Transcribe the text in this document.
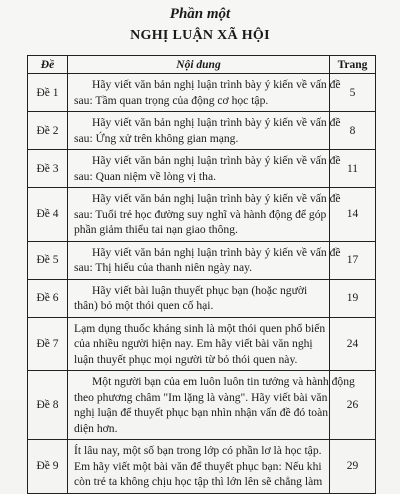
Phần một
NGHỊ LUẬN XÃ HỘI
Đề	Nội dung	Trang
Đề 1	Hãy viết văn bản nghị luận trình bày ý kiến về vấn đề
sau: Tầm quan trọng của động cơ học tập.	5
Đề 2	Hãy viết văn bản nghị luận trình bày ý kiến về vấn đề
sau: Ứng xử trên không gian mạng.	8
Đề 3	Hãy viết văn bản nghị luận trình bày ý kiến về vấn đề
sau: Quan niệm về lòng vị tha.	11
Đề 4	Hãy viết văn bản nghị luận trình bày ý kiến về vấn đề
sau: Tuổi trẻ học đường suy nghĩ và hành động để góp
phần giảm thiểu tai nạn giao thông.	14
Đề 5	Hãy viết văn bản nghị luận trình bày ý kiến về vấn đề
sau: Thị hiếu của thanh niên ngày nay.	17
Đề 6	Hãy viết bài luận thuyết phục bạn (hoặc người
thân) bỏ một thói quen cố hại.	19
Đề 7	Lạm dụng thuốc kháng sinh là một thói quen phổ biến
của nhiều người hiện nay. Em hãy viết bài văn nghị
luận thuyết phục mọi người từ bỏ thói quen này.	24
Đề 8	Một người bạn của em luôn luôn tin tưởng và hành động
theo phương châm "Im lặng là vàng". Hãy viết bài văn
nghị luận để thuyết phục bạn nhìn nhận vấn đề đó toàn
diện hơn.	26
Đề 9	Ít lâu nay, một số bạn trong lớp có phần lơ là học tập.
Em hãy viết một bài văn để thuyết phục bạn: Nếu khi
còn trẻ ta không chịu học tập thì lớn lên sẽ chẳng làm	29
